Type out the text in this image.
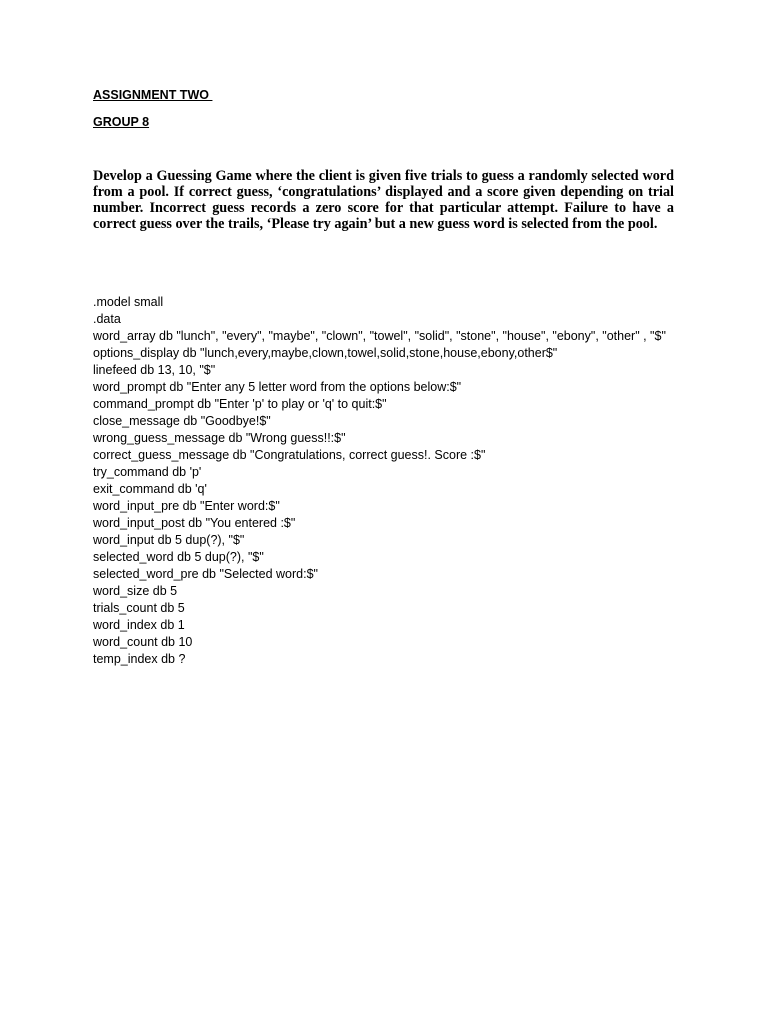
ASSIGNMENT TWO
GROUP 8

Develop a Guessing Game where the client is given five trials to guess a randomly selected word from a pool. If correct guess, ‘congratulations’ displayed and a score given depending on trial number. Incorrect guess records a zero score for that particular attempt. Failure to have a correct guess over the trails, ‘Please try again’ but a new guess word is selected from the pool.

.model small
.data
word_array db "lunch", "every", "maybe", "clown", "towel", "solid", "stone", "house", "ebony", "other" , "$"
options_display db "lunch,every,maybe,clown,towel,solid,stone,house,ebony,other$"
linefeed db 13, 10, "$"
word_prompt db "Enter any 5 letter word from the options below:$"
command_prompt db "Enter 'p' to play or 'q' to quit:$"
close_message db "Goodbye!$"
wrong_guess_message db "Wrong guess!!:$"
correct_guess_message db "Congratulations, correct guess!. Score :$"
try_command db 'p'
exit_command db 'q'
word_input_pre db "Enter word:$"
word_input_post db "You entered :$"
word_input db 5 dup(?), "$"
selected_word db 5 dup(?), "$"
selected_word_pre db "Selected word:$"
word_size db 5
trials_count db 5
word_index db 1
word_count db 10
temp_index db ?
